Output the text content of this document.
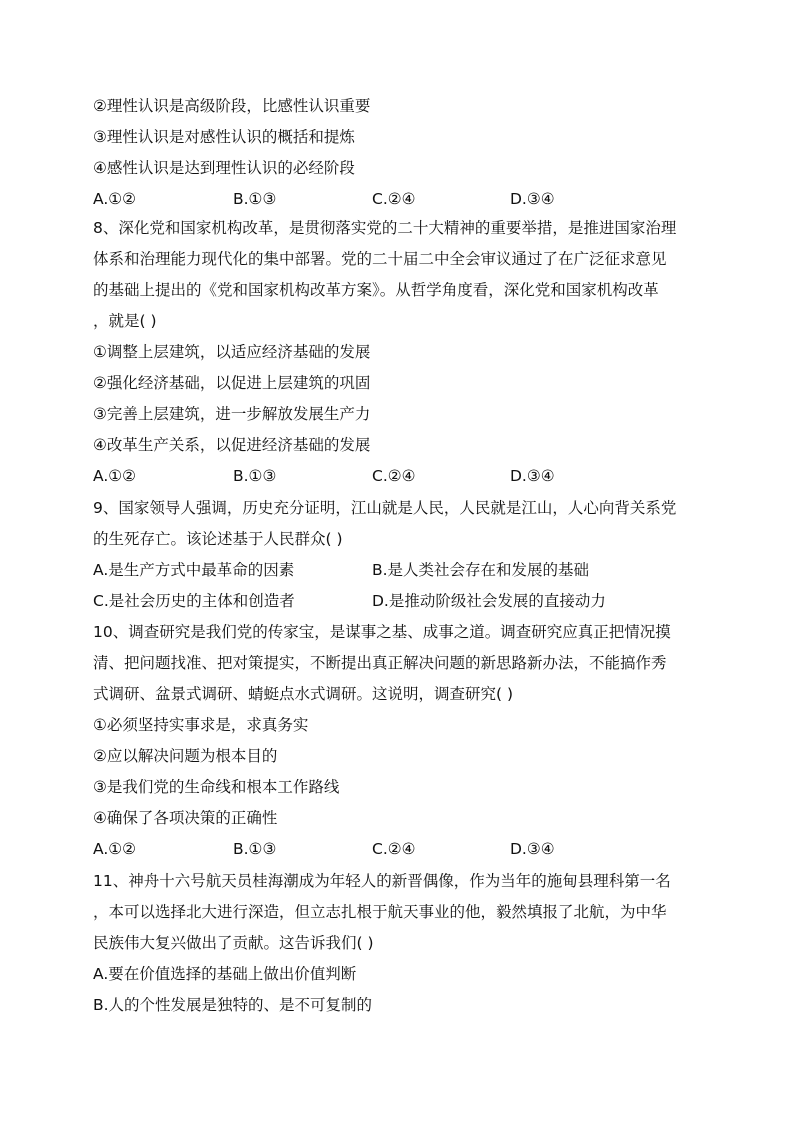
②理性认识是高级阶段，比感性认识重要
③理性认识是对感性认识的概括和提炼
④感性认识是达到理性认识的必经阶段
A.①②	B.①③	C.②④	D.③④
8、深化党和国家机构改革，是贯彻落实党的二十大精神的重要举措，是推进国家治理
体系和治理能力现代化的集中部署。党的二十届二中全会审议通过了在广泛征求意见
的基础上提出的《党和国家机构改革方案》。从哲学角度看，深化党和国家机构改革
，就是( )
①调整上层建筑，以适应经济基础的发展
②强化经济基础，以促进上层建筑的巩固
③完善上层建筑，进一步解放发展生产力
④改革生产关系，以促进经济基础的发展
A.①②	B.①③	C.②④	D.③④
9、国家领导人强调，历史充分证明，江山就是人民，人民就是江山，人心向背关系党
的生死存亡。该论述基于人民群众( )
A.是生产方式中最革命的因素	B.是人类社会存在和发展的基础
C.是社会历史的主体和创造者	D.是推动阶级社会发展的直接动力
10、调查研究是我们党的传家宝，是谋事之基、成事之道。调查研究应真正把情况摸
清、把问题找准、把对策提实，不断提出真正解决问题的新思路新办法，不能搞作秀
式调研、盆景式调研、蜻蜓点水式调研。这说明，调查研究( )
①必须坚持实事求是，求真务实
②应以解决问题为根本目的
③是我们党的生命线和根本工作路线
④确保了各项决策的正确性
A.①②	B.①③	C.②④	D.③④
11、神舟十六号航天员桂海潮成为年轻人的新晋偶像，作为当年的施甸县理科第一名
，本可以选择北大进行深造，但立志扎根于航天事业的他，毅然填报了北航，为中华
民族伟大复兴做出了贡献。这告诉我们( )
A.要在价值选择的基础上做出价值判断
B.人的个性发展是独特的、是不可复制的
